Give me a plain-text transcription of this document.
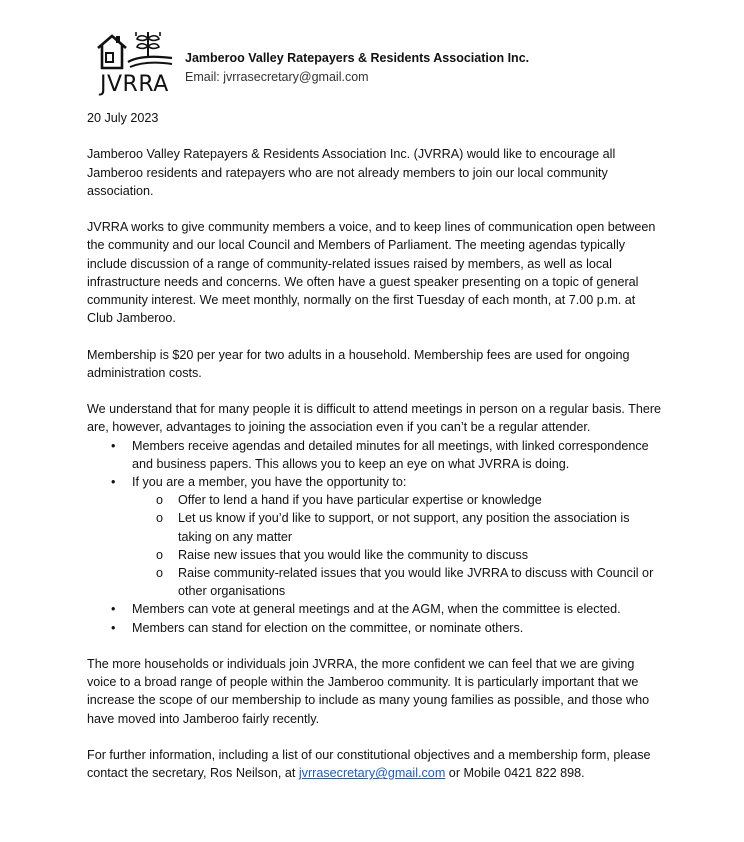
JVRRA
Jamberoo Valley Ratepayers & Residents Association Inc.
Email: jvrrasecretary@gmail.com

20 July 2023

Jamberoo Valley Ratepayers & Residents Association Inc. (JVRRA) would like to encourage all Jamberoo residents and ratepayers who are not already members to join our local community association.

JVRRA works to give community members a voice, and to keep lines of communication open between the community and our local Council and Members of Parliament. The meeting agendas typically include discussion of a range of community-related issues raised by members, as well as local infrastructure needs and concerns. We often have a guest speaker presenting on a topic of general community interest. We meet monthly, normally on the first Tuesday of each month, at 7.00 p.m. at Club Jamberoo.

Membership is $20 per year for two adults in a household. Membership fees are used for ongoing administration costs.

We understand that for many people it is difficult to attend meetings in person on a regular basis. There are, however, advantages to joining the association even if you can’t be a regular attender.

• Members receive agendas and detailed minutes for all meetings, with linked correspondence and business papers. This allows you to keep an eye on what JVRRA is doing.
• If you are a member, you have the opportunity to:
o Offer to lend a hand if you have particular expertise or knowledge
o Let us know if you’d like to support, or not support, any position the association is taking on any matter
o Raise new issues that you would like the community to discuss
o Raise community-related issues that you would like JVRRA to discuss with Council or other organisations
• Members can vote at general meetings and at the AGM, when the committee is elected.
• Members can stand for election on the committee, or nominate others.

The more households or individuals join JVRRA, the more confident we can feel that we are giving voice to a broad range of people within the Jamberoo community. It is particularly important that we increase the scope of our membership to include as many young families as possible, and those who have moved into Jamberoo fairly recently.

For further information, including a list of our constitutional objectives and a membership form, please contact the secretary, Ros Neilson, at jvrrasecretary@gmail.com or Mobile 0421 822 898.
